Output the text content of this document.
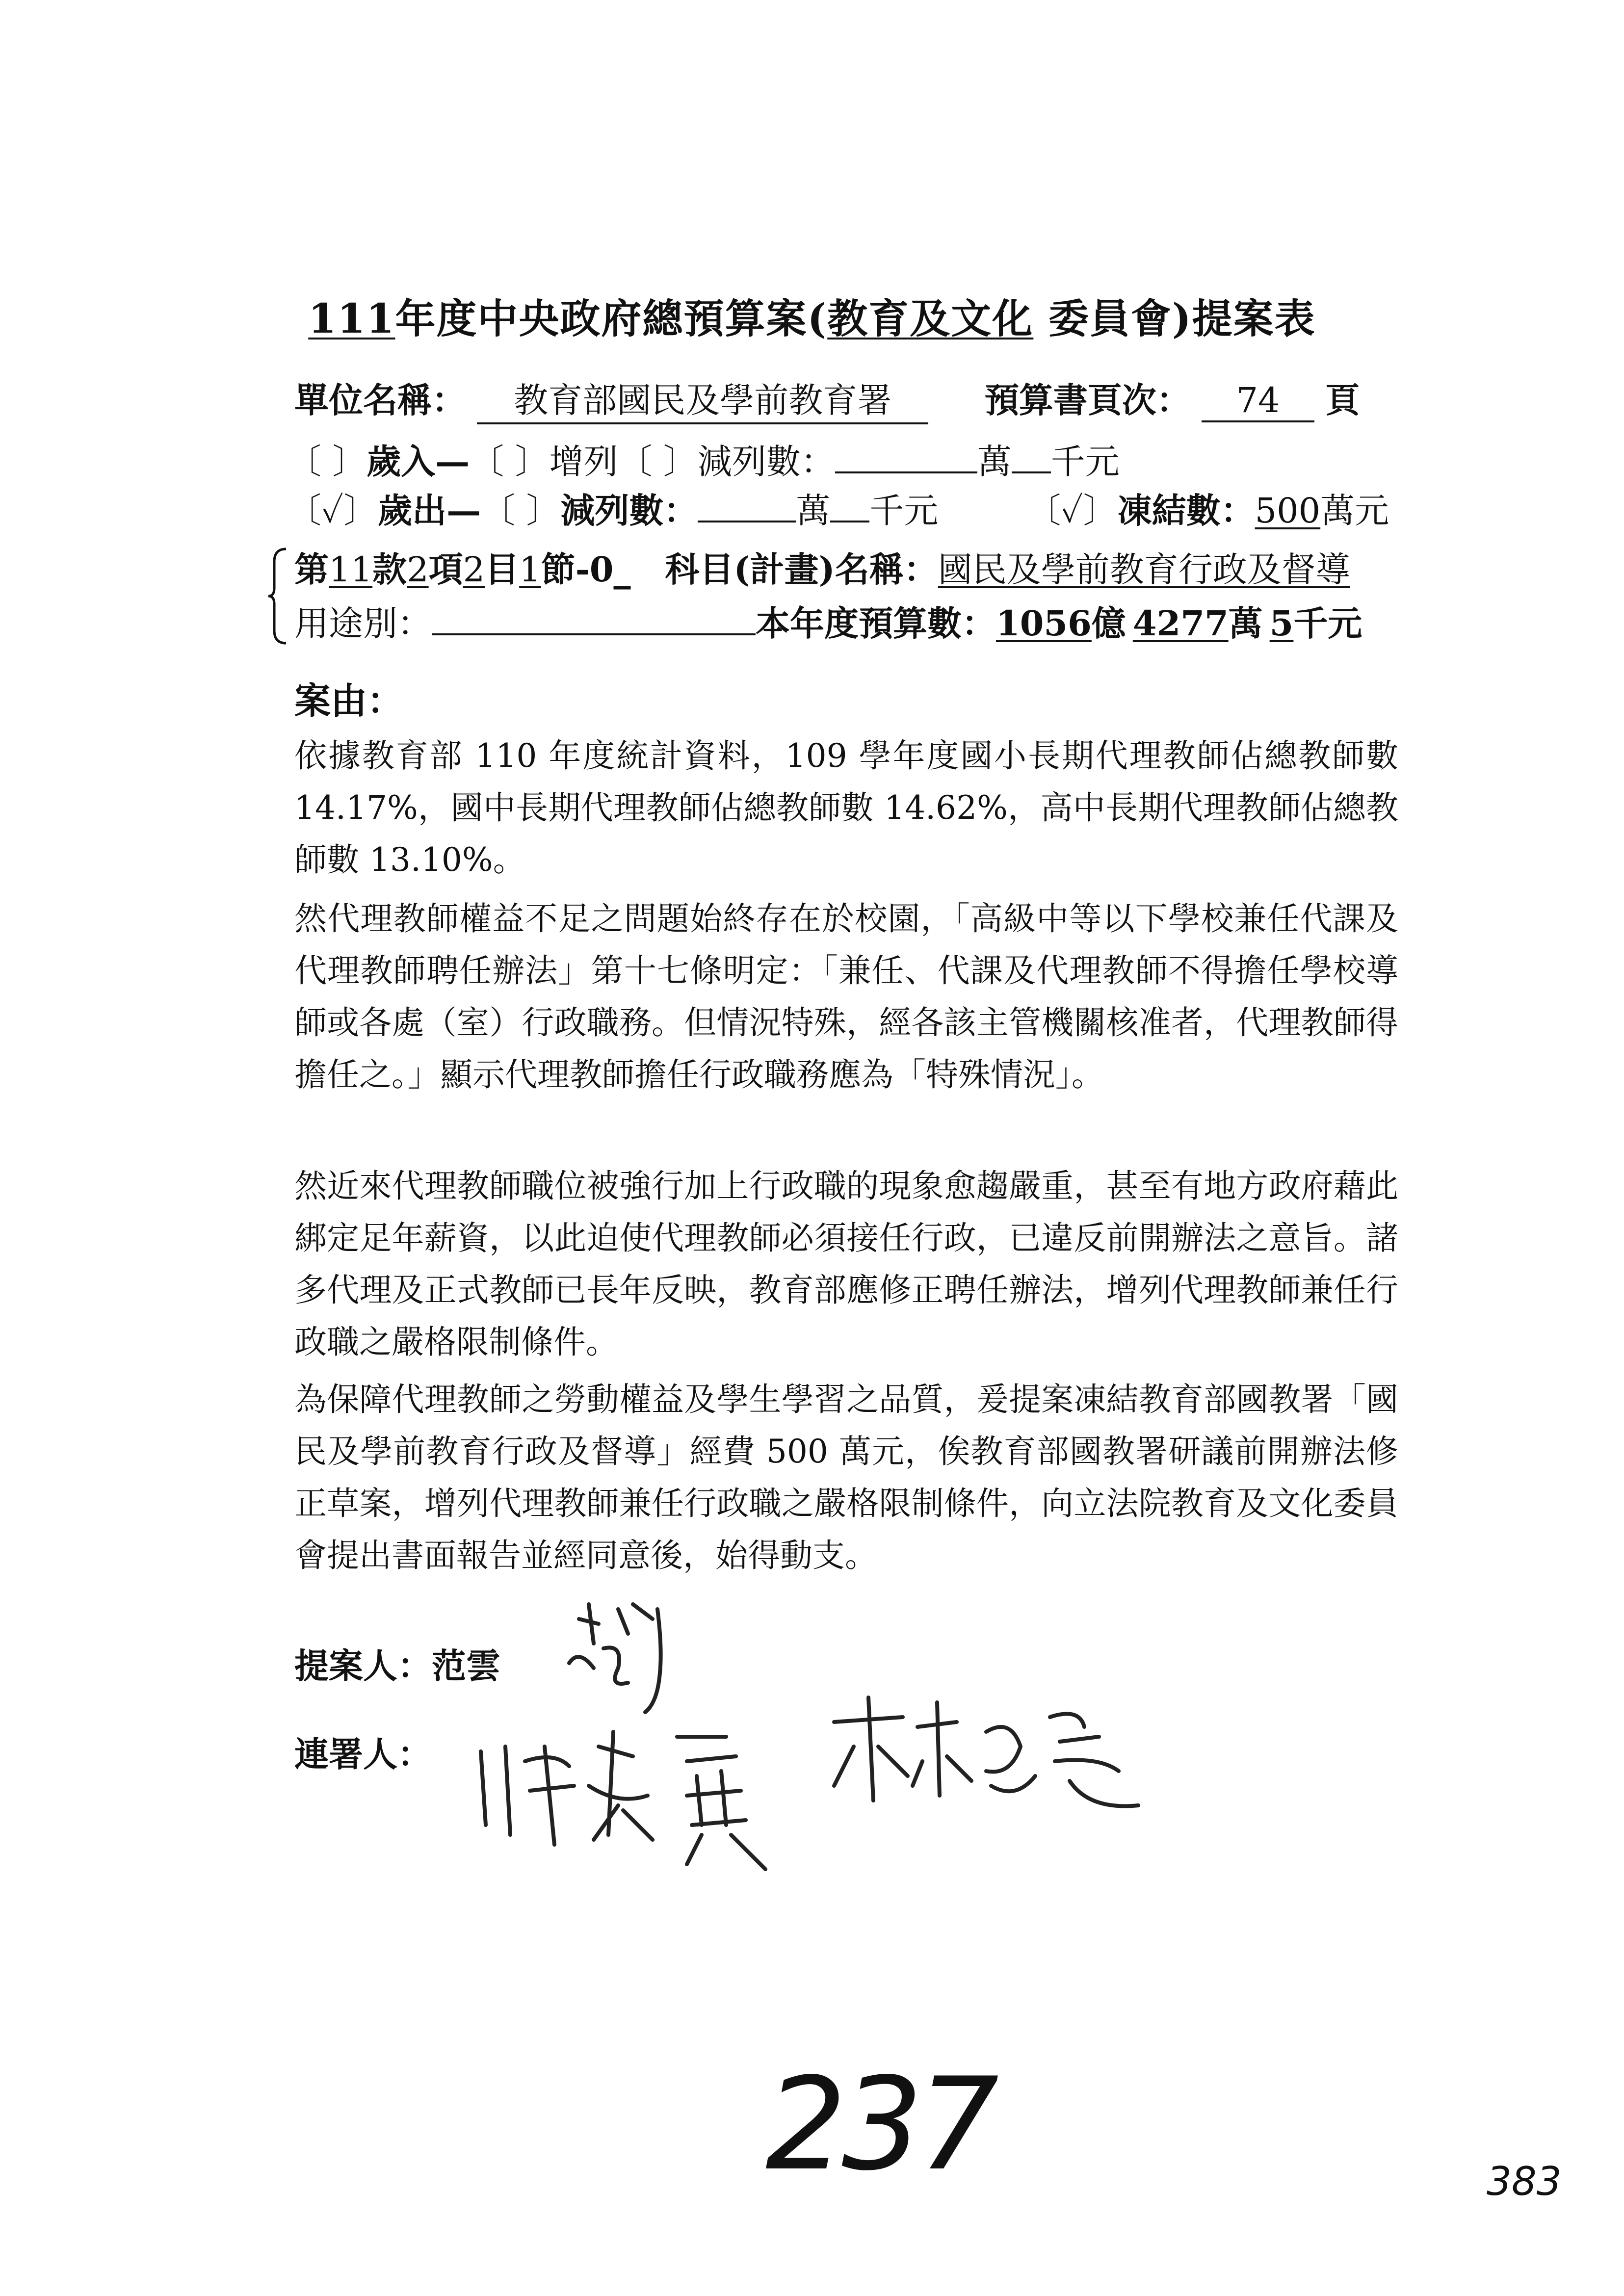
111年度中央政府總預算案(教育及文化 委員會)提案表
單位名稱： 教育部國民及學前教育署	預算書頁次： 74 頁
〔 〕歲入—〔 〕增列〔 〕減列數：	萬 千元
〔✓〕歲出—〔 〕減列數：	萬 千元	〔✓〕凍結數：500萬元
第11款2項2目1節-0_ 科目(計畫)名稱：國民及學前教育行政及督導
用途別：	本年度預算數：1056億 4277萬 5千元
案由：
依據教育部 110 年度統計資料，109 學年度國小長期代理教師佔總教師數 14.17%，國中長期代理教師佔總教師數 14.62%，高中長期代理教師佔總教師數 13.10%。
然代理教師權益不足之問題始終存在於校園，「高級中等以下學校兼任代課及代理教師聘任辦法」第十七條明定：「兼任、代課及代理教師不得擔任學校導師或各處（室）行政職務。但情況特殊，經各該主管機關核准者，代理教師得擔任之。」顯示代理教師擔任行政職務應為「特殊情況」。
然近來代理教師職位被強行加上行政職的現象愈趨嚴重，甚至有地方政府藉此綁定足年薪資，以此迫使代理教師必須接任行政，已違反前開辦法之意旨。諸多代理及正式教師已長年反映，教育部應修正聘任辦法，增列代理教師兼任行政職之嚴格限制條件。
為保障代理教師之勞動權益及學生學習之品質，爰提案凍結教育部國教署「國民及學前教育行政及督導」經費 500 萬元，俟教育部國教署研議前開辦法修正草案，增列代理教師兼任行政職之嚴格限制條件，向立法院教育及文化委員會提出書面報告並經同意後，始得動支。
提案人：范雲
連署人：
237	383
